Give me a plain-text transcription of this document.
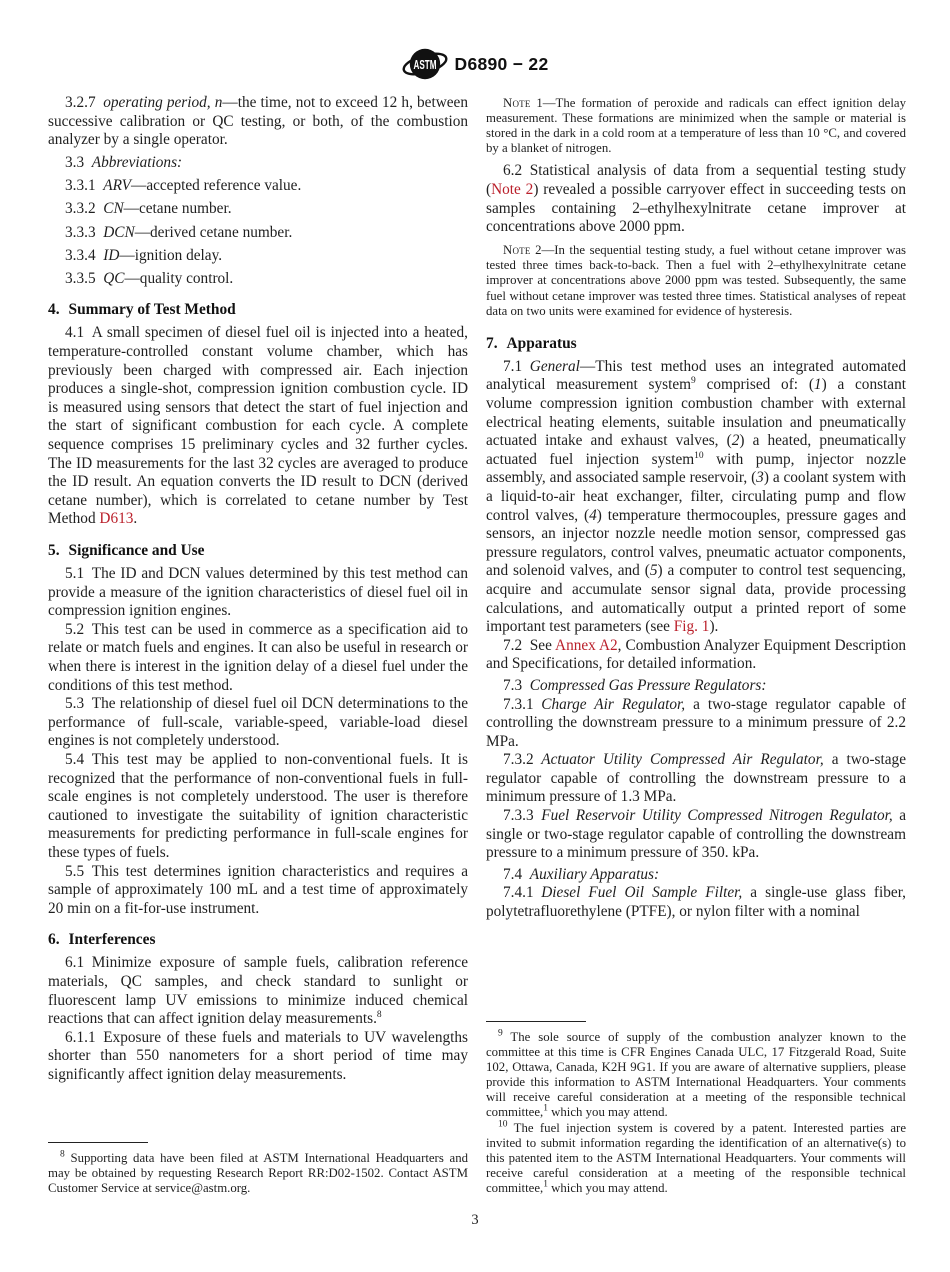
ASTM D6890 − 22

3.2.7 operating period, n—the time, not to exceed 12 h, between successive calibration or QC testing, or both, of the combustion analyzer by a single operator.

3.3 Abbreviations:

3.3.1 ARV—accepted reference value.

3.3.2 CN—cetane number.

3.3.3 DCN—derived cetane number.

3.3.4 ID—ignition delay.

3.3.5 QC—quality control.

4. Summary of Test Method

4.1 A small specimen of diesel fuel oil is injected into a heated, temperature-controlled constant volume chamber, which has previously been charged with compressed air. Each injection produces a single-shot, compression ignition combustion cycle. ID is measured using sensors that detect the start of fuel injection and the start of significant combustion for each cycle. A complete sequence comprises 15 preliminary cycles and 32 further cycles. The ID measurements for the last 32 cycles are averaged to produce the ID result. An equation converts the ID result to DCN (derived cetane number), which is correlated to cetane number by Test Method D613.

5. Significance and Use

5.1 The ID and DCN values determined by this test method can provide a measure of the ignition characteristics of diesel fuel oil in compression ignition engines.

5.2 This test can be used in commerce as a specification aid to relate or match fuels and engines. It can also be useful in research or when there is interest in the ignition delay of a diesel fuel under the conditions of this test method.

5.3 The relationship of diesel fuel oil DCN determinations to the performance of full-scale, variable-speed, variable-load diesel engines is not completely understood.

5.4 This test may be applied to non-conventional fuels. It is recognized that the performance of non-conventional fuels in full-scale engines is not completely understood. The user is therefore cautioned to investigate the suitability of ignition characteristic measurements for predicting performance in full-scale engines for these types of fuels.

5.5 This test determines ignition characteristics and requires a sample of approximately 100 mL and a test time of approximately 20 min on a fit-for-use instrument.

6. Interferences

6.1 Minimize exposure of sample fuels, calibration reference materials, QC samples, and check standard to sunlight or fluorescent lamp UV emissions to minimize induced chemical reactions that can affect ignition delay measurements.$^8$

6.1.1 Exposure of these fuels and materials to UV wavelengths shorter than 550 nanometers for a short period of time may significantly affect ignition delay measurements.

$^8$ Supporting data have been filed at ASTM International Headquarters and may be obtained by requesting Research Report RR:D02-1502. Contact ASTM Customer Service at service@astm.org.

Note 1—The formation of peroxide and radicals can effect ignition delay measurement. These formations are minimized when the sample or material is stored in the dark in a cold room at a temperature of less than 10 °C, and covered by a blanket of nitrogen.

6.2 Statistical analysis of data from a sequential testing study (Note 2) revealed a possible carryover effect in succeeding tests on samples containing 2–ethylhexylnitrate cetane improver at concentrations above 2000 ppm.

Note 2—In the sequential testing study, a fuel without cetane improver was tested three times back-to-back. Then a fuel with 2–ethylhexylnitrate cetane improver at concentrations above 2000 ppm was tested. Subsequently, the same fuel without cetane improver was tested three times. Statistical analyses of repeat data on two units were examined for evidence of hysteresis.

7. Apparatus

7.1 General—This test method uses an integrated automated analytical measurement system$^9$ comprised of: (1) a constant volume compression ignition combustion chamber with external electrical heating elements, suitable insulation and pneumatically actuated intake and exhaust valves, (2) a heated, pneumatically actuated fuel injection system$^{10}$ with pump, injector nozzle assembly, and associated sample reservoir, (3) a coolant system with a liquid-to-air heat exchanger, filter, circulating pump and flow control valves, (4) temperature thermocouples, pressure gages and sensors, an injector nozzle needle motion sensor, compressed gas pressure regulators, control valves, pneumatic actuator components, and solenoid valves, and (5) a computer to control test sequencing, acquire and accumulate sensor signal data, provide processing calculations, and automatically output a printed report of some important test parameters (see Fig. 1).

7.2 See Annex A2, Combustion Analyzer Equipment Description and Specifications, for detailed information.

7.3 Compressed Gas Pressure Regulators:

7.3.1 Charge Air Regulator, a two-stage regulator capable of controlling the downstream pressure to a minimum pressure of 2.2 MPa.

7.3.2 Actuator Utility Compressed Air Regulator, a two-stage regulator capable of controlling the downstream pressure to a minimum pressure of 1.3 MPa.

7.3.3 Fuel Reservoir Utility Compressed Nitrogen Regulator, a single or two-stage regulator capable of controlling the downstream pressure to a minimum pressure of 350. kPa.

7.4 Auxiliary Apparatus:

7.4.1 Diesel Fuel Oil Sample Filter, a single-use glass fiber, polytetrafluorethylene (PTFE), or nylon filter with a nominal

$^9$ The sole source of supply of the combustion analyzer known to the committee at this time is CFR Engines Canada ULC, 17 Fitzgerald Road, Suite 102, Ottawa, Canada, K2H 9G1. If you are aware of alternative suppliers, please provide this information to ASTM International Headquarters. Your comments will receive careful consideration at a meeting of the responsible technical committee,$^1$ which you may attend.

$^{10}$ The fuel injection system is covered by a patent. Interested parties are invited to submit information regarding the identification of an alternative(s) to this patented item to the ASTM International Headquarters. Your comments will receive careful consideration at a meeting of the responsible technical committee,$^1$ which you may attend.

3
